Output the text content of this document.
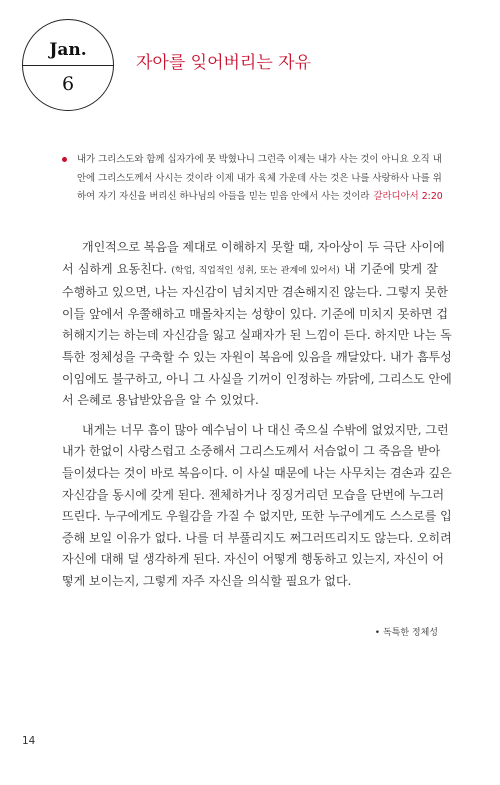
Jan.
6
자아를 잊어버리는 자유
내가 그리스도와 함께 십자가에 못 박혔나니 그런즉 이제는 내가 사는 것이 아니요 오직 내
안에 그리스도께서 사시는 것이라 이제 내가 육체 가운데 사는 것은 나를 사랑하사 나를 위
하여 자기 자신을 버리신 하나님의 아들을 믿는 믿음 안에서 사는 것이라 갈라디아서 2:20
개인적으로 복음을 제대로 이해하지 못할 때, 자아상이 두 극단 사이에
서 심하게 요동친다. (학업, 직업적인 성취, 또는 관계에 있어서) 내 기준에 맞게 잘
수행하고 있으면, 나는 자신감이 넘치지만 겸손해지진 않는다. 그렇지 못한
이들 앞에서 우쭐해하고 매몰차지는 성향이 있다. 기준에 미치지 못하면 겁
허해지기는 하는데 자신감을 잃고 실패자가 된 느낌이 든다. 하지만 나는 독
특한 정체성을 구축할 수 있는 자원이 복음에 있음을 깨달았다. 내가 흠투성
이임에도 불구하고, 아니 그 사실을 기꺼이 인정하는 까닭에, 그리스도 안에
서 은혜로 용납받았음을 알 수 있었다.
내게는 너무 흠이 많아 예수님이 나 대신 죽으실 수밖에 없었지만, 그런
내가 한없이 사랑스럽고 소중해서 그리스도께서 서슴없이 그 죽음을 받아
들이셨다는 것이 바로 복음이다. 이 사실 때문에 나는 사무치는 겸손과 깊은
자신감을 동시에 갖게 된다. 젠체하거나 징징거리던 모습을 단번에 누그러
뜨린다. 누구에게도 우월감을 가질 수 없지만, 또한 누구에게도 스스로를 입
증해 보일 이유가 없다. 나를 더 부풀리지도 쩌그러뜨리지도 않는다. 오히려
자신에 대해 덜 생각하게 된다. 자신이 어떻게 행동하고 있는지, 자신이 어
떻게 보이는지, 그렇게 자주 자신을 의식할 필요가 없다.
• 독특한 정체성
14
